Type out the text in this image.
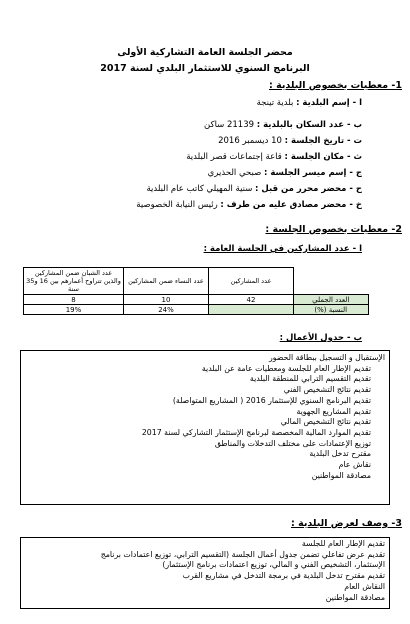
محضر الجلسة العامة التشاركية الأولى
البرنامج السنوي للاستثمار البلدي لسنة 2017
1- معطيات بخصوص البلدية :
ا - إسم البلدية : بلدية تينجة
ب - عدد السكان بالبلدية : 21139 ساكن
ت - تاريخ الجلسة : 10 ديسمبر 2016
ث - مكان الجلسة : قاعة إجتماعات قصر البلدية
ج - إسم ميسر الجلسة : صبحي الحذيري
ح - محضر محرر من قبل : سنية المهيلي كاتب عام البلدية
خ - محضر مصادق عليه من طرف : رئيس النيابة الخصوصية
2- معطيات بخصوص الجلسة :
ا - عدد المشاركين في الجلسة العامة :
	عدد المشاركين	عدد النساء ضمن المشاركين	عدد الشبان ضمن المشاركين والذين تتراوح أعمارهم بين 16 و35 سنة
العدد الجملي	42	10	8
النسبة (%)		24%	19%
ب - جدول الأعمال :
الإستقبال و التسجيل ببطاقة الحضور
تقديم الإطار العام للجلسة ومعطيات عامة عن البلدية
تقديم التقسيم الترابي للمنطقة البلدية
تقديم نتائج التشخيص الفني
تقديم البرنامج السنوي للإستثمار 2016 ( المشاريع المتواصلة)
تقديم المشاريع الجهوية
تقديم نتائج التشخيص المالي
تقديم الموارد المالية المخصصة لبرنامج الإستثمار التشاركي لسنة 2017
توزيع الإعتمادات على مختلف التدخلات والمناطق
مقترح تدخل البلدية
نقاش عام
مصادقة المواطنين
3- وصف لعرض البلدية :
تقديم الإطار العام للجلسة
تقديم عرض تفاعلي تضمن جدول أعمال الجلسة (التقسيم الترابي، توزيع اعتمادات برنامج
الإستثمار، التشخيص الفني و المالي، توزيع اعتمادات برنامج الإستثمار)
تقديم مقترح تدخل البلدية في برمجة التدخل في مشاريع القرب
النقاش العام
مصادقة المواطنين
